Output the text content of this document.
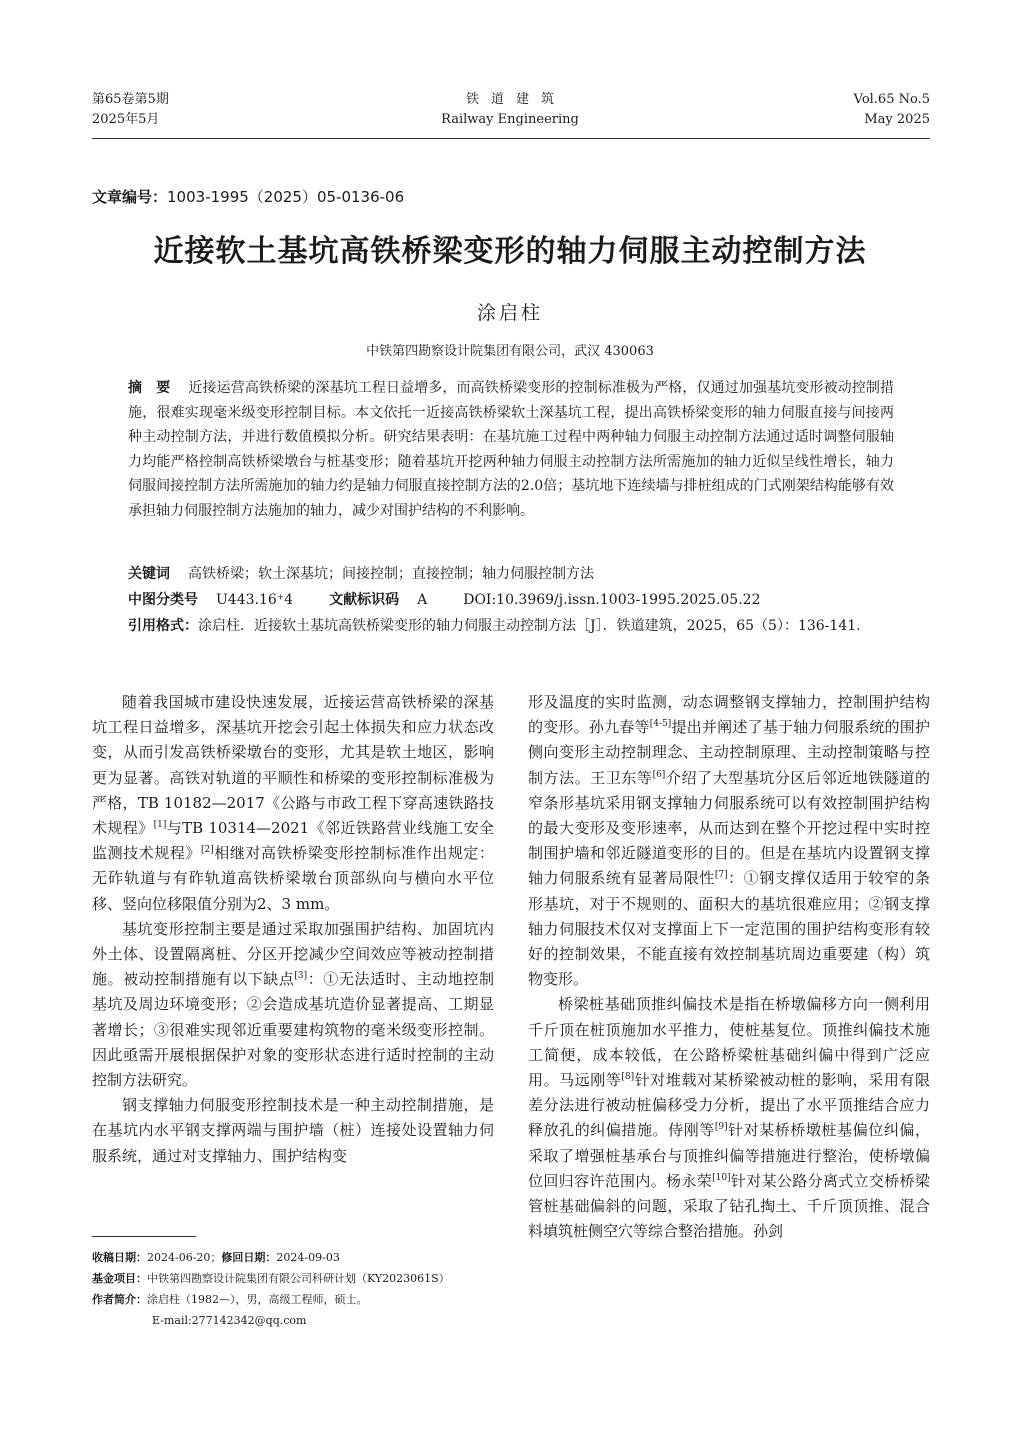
第65卷第5期
2025年5月
铁道建筑
Railway Engineering
Vol.65 No.5
May 2025
文章编号：1003-1995（2025）05-0136-06
近接软土基坑高铁桥梁变形的轴力伺服主动控制方法
涂启柱
中铁第四勘察设计院集团有限公司，武汉 430063
摘　要 近接运营高铁桥梁的深基坑工程日益增多，而高铁桥梁变形的控制标准极为严格，仅通过加强基坑变形被动控制措施，很难实现毫米级变形控制目标。本文依托一近接高铁桥梁软土深基坑工程，提出高铁桥梁变形的轴力伺服直接与间接两种主动控制方法，并进行数值模拟分析。研究结果表明：在基坑施工过程中两种轴力伺服主动控制方法通过适时调整伺服轴力均能严格控制高铁桥梁墩台与桩基变形；随着基坑开挖两种轴力伺服主动控制方法所需施加的轴力近似呈线性增长，轴力伺服间接控制方法所需施加的轴力约是轴力伺服直接控制方法的2.0倍；基坑地下连续墙与排桩组成的门式刚架结构能够有效承担轴力伺服控制方法施加的轴力，减少对围护结构的不利影响。
关键词 高铁桥梁；软土深基坑；间接控制；直接控制；轴力伺服控制方法
中图分类号 U443.16⁺4	文献标识码 A	DOI:10.3969/j.issn.1003-1995.2025.05.22
引用格式：涂启柱．近接软土基坑高铁桥梁变形的轴力伺服主动控制方法［J］．铁道建筑，2025，65（5）：136-141.

随着我国城市建设快速发展，近接运营高铁桥梁的深基坑工程日益增多，深基坑开挖会引起土体损失和应力状态改变，从而引发高铁桥梁墩台的变形，尤其是软土地区，影响更为显著。高铁对轨道的平顺性和桥梁的变形控制标准极为严格，TB 10182—2017《公路与市政工程下穿高速铁路技术规程》[1]与TB 10314—2021《邻近铁路营业线施工安全监测技术规程》[2]相继对高铁桥梁变形控制标准作出规定：无砟轨道与有砟轨道高铁桥梁墩台顶部纵向与横向水平位移、竖向位移限值分别为2、3 mm。

基坑变形控制主要是通过采取加强围护结构、加固坑内外土体、设置隔离桩、分区开挖减少空间效应等被动控制措施。被动控制措施有以下缺点[3]：①无法适时、主动地控制基坑及周边环境变形；②会造成基坑造价显著提高、工期显著增长；③很难实现邻近重要建构筑物的毫米级变形控制。因此亟需开展根据保护对象的变形状态进行适时控制的主动控制方法研究。

钢支撑轴力伺服变形控制技术是一种主动控制措施，是在基坑内水平钢支撑两端与围护墙（桩）连接处设置轴力伺服系统，通过对支撑轴力、围护结构变

形及温度的实时监测，动态调整钢支撑轴力，控制围护结构的变形。孙九春等[4-5]提出并阐述了基于轴力伺服系统的围护侧向变形主动控制理念、主动控制原理、主动控制策略与控制方法。王卫东等[6]介绍了大型基坑分区后邻近地铁隧道的窄条形基坑采用钢支撑轴力伺服系统可以有效控制围护结构的最大变形及变形速率，从而达到在整个开挖过程中实时控制围护墙和邻近隧道变形的目的。但是在基坑内设置钢支撑轴力伺服系统有显著局限性[7]：①钢支撑仅适用于较窄的条形基坑，对于不规则的、面积大的基坑很难应用；②钢支撑轴力伺服技术仅对支撑面上下一定范围的围护结构变形有较好的控制效果，不能直接有效控制基坑周边重要建（构）筑物变形。

桥梁桩基础顶推纠偏技术是指在桥墩偏移方向一侧利用千斤顶在桩顶施加水平推力，使桩基复位。顶推纠偏技术施工简便，成本较低，在公路桥梁桩基础纠偏中得到广泛应用。马远刚等[8]针对堆载对某桥梁被动桩的影响，采用有限差分法进行被动桩偏移受力分析，提出了水平顶推结合应力释放孔的纠偏措施。侍刚等[9]针对某桥桥墩桩基偏位纠偏，采取了增强桩基承台与顶推纠偏等措施进行整治，使桥墩偏位回归容许范围内。杨永荣[10]针对某公路分离式立交桥桥梁管桩基础偏斜的问题，采取了钻孔掏土、千斤顶顶推、混合料填筑桩侧空穴等综合整治措施。孙剑

收稿日期：2024-06-20；修回日期：2024-09-03
基金项目：中铁第四勘察设计院集团有限公司科研计划（KY2023061S）
作者简介：涂启柱（1982—），男，高级工程师，硕士。
E-mail:277142342@qq.com
